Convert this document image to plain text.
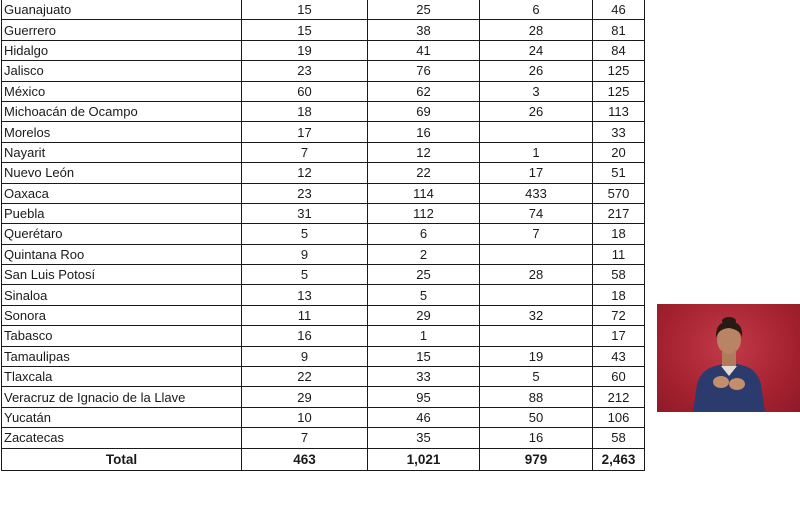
Guanajuato	15	25	6	46
Guerrero	15	38	28	81
Hidalgo	19	41	24	84
Jalisco	23	76	26	125
México	60	62	3	125
Michoacán de Ocampo	18	69	26	113
Morelos	17	16		33
Nayarit	7	12	1	20
Nuevo León	12	22	17	51
Oaxaca	23	114	433	570
Puebla	31	112	74	217
Querétaro	5	6	7	18
Quintana Roo	9	2		11
San Luis Potosí	5	25	28	58
Sinaloa	13	5		18
Sonora	11	29	32	72
Tabasco	16	1		17
Tamaulipas	9	15	19	43
Tlaxcala	22	33	5	60
Veracruz de Ignacio de la Llave	29	95	88	212
Yucatán	10	46	50	106
Zacatecas	7	35	16	58
Total	463	1,021	979	2,463
